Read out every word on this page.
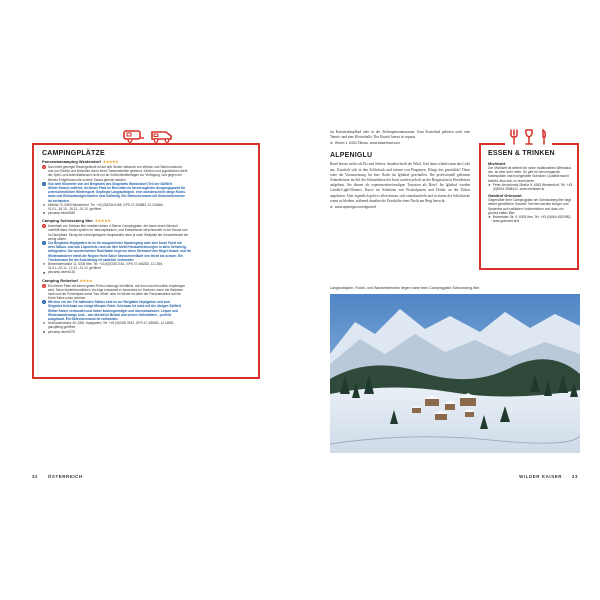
CAMPINGPLÄTZE
Panoramacamping Westendorf ★★★★★
☺ Das leicht geneigte Rasengelände ist auf drei Stufen naturnah von Wiesen und Wald umsäumt,
und von Straße und Bahnlinie durch einen Tannenstreifen getrennt. Kindern und jugendlichen steht
der Spiel- und Aufenthaltsraum nicht nur an Schlechtwettertagen zur Verfügung, und gegen ein
kleines Entgelt kann die schöne Sauna genutzt werden.
❄ Gut zwei Kilometer von der Bergbahn des Skigebiets Westendorf (Teil der SkiWelt
Wilder Kaiser) entfernt, ist dieser Platz im Brixental ein hervorragender Ausgangspunkt für
unterschiedlichen Wintersport. Gepflegte Langlaufloipen, eine wunderschöne lange Rodel-
bahn und Einkaufsmöglichkeiten sind fußläufig. Ein Skitrockenraum mit Skischuhtrockner
ist vorhanden.
➤ Mühltal 70, 6363 Westendorf, Tel. +43 (0)5334 6166, GPS 47.432883, 12.201866,
01.01.–16.10., 15.12.–31.12. geöffnet
■ pincamp.de/m6360
Camping Schlossberg Itter ★★★★★
☺ Unterhalb von Schloss Itter residiert dieser 4-Sterne-Campingplatz, der kaum einen Wunsch
unerfüllt lässt. Kinder spielen im Indoorspielraum, und Erwachsene verschnaufen in der Sauna und
im Dampfbad. Einzig die naheVgelegene Hauptstraße kann je nach Stellplatz die Urlaubsfreude ein
wenig stören.
❄ Zur Bergbahn Hopfgarten ist es ein ausgedehnter Spaziergang oder eine kurze Fahrt mit
dem Skibus, und das Loipennetz rund um Itter bietet Herausforderungen in allen Schwierig-
keitsgraden. Die wunderschöne Rodelbahn liegt nur einen Steinwurf den Hügel hinauf, und für
Winterwanderer bietet die Region Hohe Salve Streckenverläufe von leicht bis schwer. Ein
Trockenraum für die Ausrüstung ist natürlich vorhanden.
➤ Brixentalerstraße 11, 6305 Itter, Tel. +43 (0)5335 2181, GPS 47.466283, 12.1395,
01.01.–02.11., 12.12.–31.12. geöffnet
■ pincamp.de/m6130
Camping Reiterhof ★★★★
☺ Ein kleiner Platz mit einem gutem Preis-Leistungs-Verhältnis, auf dem man freundlich empfangen
wird. Seine kinderfreundlichen Vorzüge entwickelt er besonders im Sommer, wenn der Badesee
lockt und der Freizeitpark seine Tore öffnet, aber im Winter ist dafür der Panoramablick auf die
Hohe Salve umso schöner.
❄ Mit dem vor der Tür haltenden Skibus sind es zur Bergbahn Hopfgarten und zum
Skigebiet Kelchsau nur einige Minuten Fahrt. Kelchsau ist nicht mit der übrigen SkiWelt
Wilder Kaiser verbunden und daher kostengünstiger und überschaubarer. Loipen und
Winterwanderwege sind – wie überall im Bristal und seinen Seitentälern – perfekt
ausgebaut. Ein Skitrockenraum ist vorhanden.
➤ Kelchauerstraße 49, 6361 Hopfgarten, Tel. +43 (0)5335 3512, GPS 47.430683, 12.16981,
ganzjährig geöffnet
■ pincamp.de/m6370

im Kräuterdampfbad oder in der Zirbenpanoramasauna. Zum Kaiserbad gehören auch eine Tennis- und eine Kletterhalle. Der Eintritt hierzu ist separat.

➤ Wimm 1, 6352 Ellmau, www.kaiserbad.com
ALPENIGLU

Rund herum nichts als Eis und Schnee, draußen heult der Wind. Und dann schaltet man das Licht aus. Kuschelt sich in den Schlafsack und träumt von Pinguinen. Klingt das gemütlich? Dann wäre die Voraussetzung für eine Nacht im Igludorf geschaffen. Die professionell gebauten Schneehäuser im Stil der Schutzhütten der Inuit wurden jedoch an der Bergstation in Hochbrixen aufgebaut. Sie dienen als experimentierfreudigen Touristen als Hotel. Im Igludorf werden Candle-Light-Dinners, Kurse im Schnitzen von Eisskulpturen und Drinks an der Eisbar angeboten. Aber eigentlich geht es allen darum, sich einzukuscheln und in einem der Schlafsäcke warm zu bleiben, während draußen die Eiseskälte einer Nacht am Berg herrscht.

➤ www.alpeniglu.com/igludorf
ESSEN & TRINKEN
Michlwirt
Der Michlwirt ist weithin für seine traditionelles Wirtshaus isin, ist aber sehr mehr. So gibt es hervorragende Käsespätzle und hochgelobte Schnitzel. Qualität macht beliebt, also sich zu reservieren.
➤ Peter-Neuschmid-Straße 5, 6363 Westendorf, Tel. +43 (0)5334 2508412, www.michlwirt.at
Gasthof Grieswirt
Gegenüber dem Campingplatz am Schlossberg Itter liegt dieser gemütliche Gasthof. Serviert werden Burger und Spareribs auf rustikalen Holzbrettchen und dazu ein großes kaltes Bier.
➤ Brixentaler Str. 5, 6305 Itter, Tel. +43 (0)664 4520982, www.grieswirt.tirol
Langlaufloipen, Rodel- und Wanderstrecken liegen nahe beim Campingplatz Schlossberg Itter.
32 ÖSTERREICH	WILDER KAISER 33
